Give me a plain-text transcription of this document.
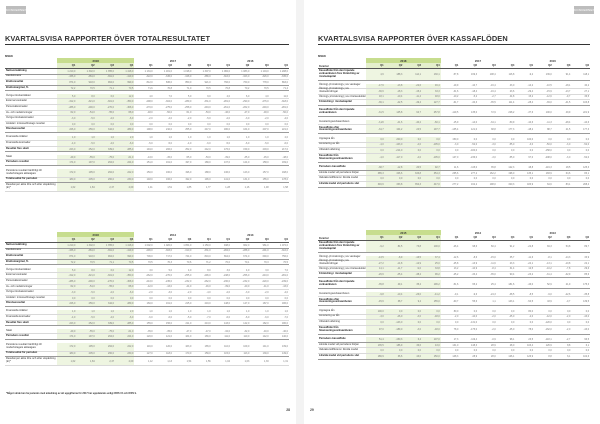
KONCERNEN
KVARTALSVISA RAPPORTER ÖVER TOTALRESULTATET
MSEK
2018	2017	2016
Q1	Q2	Q3	Q4	Q1	Q2	Q3	Q4	Q1	Q2	Q3	Q4
Nettoomsättning	1 210,0	1 302,0	1 355,0	1 418,0	1 134,0	1 181,0	1 198,0	1 307,0	1 082,0	1 083,0	1 104,0	1 208,0
Handelsvaror	-336,0	-384,0	-391,0	-419,0	-322,0	-345,0	-348,0	-386,0	-316,0	-323,0	-326,0	-345,0
Bruttoresultat	874,0	918,0	964,0	999,0	812,0	836,0	850,0	921,0	766,0	760,0	778,0	863,0
Bruttomarginal, %	72,2	70,5	71,1	70,5	71,6	70,8	71,0	70,5	70,8	70,2	70,5	71,4
Övriga rörelseintäkter	5,0	8,0	6,0	12,0	4,0	7,0	5,0	9,0	4,0	6,0	4,0	11,0
Externa kostnader	-312,0	-321,0	-301,0	-350,0	-298,0	-304,0	-289,0	-331,0	-281,0	-290,0	-276,0	-318,0
Personalkostnader	-286,0	-290,0	-270,0	-308,0	-270,0	-275,0	-258,0	-294,0	-261,0	-262,0	-249,0	-281,0
Av- och nedskrivningar	-52,0	-54,0	-55,0	-58,0	-48,0	-50,0	-51,0	-53,0	-46,0	-47,0	-48,0	-50,0
Övriga rörelsekostnader	-3,0	-5,0	-2,0	-6,0	-2,0	-4,0	-2,0	-5,0	-2,0	-3,0	-2,0	-4,0
Andelar i intresseföretags resultat	0,0	0,0	0,0	0,0	0,0	0,0	0,0	0,0	0,0	0,0	0,0	0,0
Rörelseresultat	226,0	256,0	342,0	289,0	198,0	210,0	255,0	247,0	180,0	164,0	207,0	221,0
Finansiella intäkter	1,0	1,0	1,0	2,0	1,0	1,0	1,0	1,0	1,0	1,0	1,0	2,0
Finansiella kostnader	-4,0	-5,0	-4,0	-6,0	-5,0	-5,0	-4,0	-6,0	-5,0	-6,0	-5,0	-6,0
Resultat före skatt	223,0	252,0	339,0	285,0	194,0	206,0	252,0	242,0	176,0	159,0	203,0	217,0
Skatt	-49,0	-55,0	-75,0	-61,0	-43,0	-45,0	-55,0	-53,0	-39,0	-35,0	-45,0	-48,0
Periodens resultat	174,0	197,0	264,0	224,0	151,0	161,0	197,0	189,0	137,0	124,0	158,0	169,0
Periodens resultat hänförligt till moderbolagets aktieägare	172,0	195,0	262,0	222,0	150,0	160,0	196,0	188,0	136,0	123,0	157,0	168,0
Totalresultat för perioden	180,0	205,0	260,0	230,0	148,0	166,0	192,0	196,0	141,0	131,0	155,0	178,0
Resultat per aktie före och efter utspädning (kr)*	1,62	1,84	2,47	2,09	1,41	1,51	1,85	1,77	1,28	1,16	1,48	1,58
2018	2014	2013
Q1	Q2	Q3	Q4	Q1	Q2	Q3	Q4	Q1	Q2	Q3	Q4
Nettoomsättning	1 210,0	1 302,0	1 355,0	1 418,0	1 002,0	1 020,0	1 054,0	1 150,0	948,0	962,0	981,0	1 072,0
Handelsvaror	-336,0	-384,0	-391,0	-419,0	-296,0	-303,0	-310,0	-331,0	-284,0	-288,0	-291,0	-316,0
Bruttoresultat	874,0	918,0	964,0	999,0	706,0	717,0	744,0	819,0	664,0	674,0	690,0	756,0
Bruttomarginal, %	72,2	70,5	71,1	70,5	70,5	70,3	70,6	71,2	70,0	70,1	70,3	70,5
Övriga rörelseintäkter	5,0	8,0	6,0	12,0	3,0	5,0	4,0	8,0	3,0	4,0	3,0	7,0
Externa kostnader	-312,0	-321,0	-301,0	-350,0	-262,0	-270,0	-255,0	-296,0	-248,0	-256,0	-243,0	-281,0
Personalkostnader	-286,0	-290,0	-270,0	-308,0	-243,0	-245,0	-232,0	-262,0	-230,0	-232,0	-220,0	-249,0
Av- och nedskrivningar	-52,0	-54,0	-55,0	-58,0	-42,0	-43,0	-44,0	-46,0	-39,0	-40,0	-41,0	-43,0
Övriga rörelsekostnader	-3,0	-5,0	-2,0	-6,0	-2,0	-3,0	-2,0	-4,0	-2,0	-3,0	-2,0	-4,0
Andelar i intresseföretags resultat	0,0	0,0	0,0	0,0	0,0	0,0	0,0	0,0	0,0	0,0	0,0	0,0
Rörelseresultat	226,0	256,0	342,0	289,0	160,0	161,0	215,0	219,0	148,0	147,0	187,0	186,0
Finansiella intäkter	1,0	1,0	1,0	2,0	1,0	1,0	1,0	1,0	1,0	1,0	1,0	1,0
Finansiella kostnader	-4,0	-5,0	-4,0	-6,0	-6,0	-6,0	-5,0	-7,0	-6,0	-6,0	-6,0	-7,0
Resultat före skatt	223,0	252,0	339,0	285,0	155,0	156,0	211,0	213,0	143,0	142,0	182,0	180,0
Skatt	-49,0	-55,0	-75,0	-61,0	-35,0	-35,0	-47,0	-47,0	-32,0	-32,0	-40,0	-40,0
Periodens resultat	174,0	197,0	264,0	224,0	120,0	121,0	164,0	166,0	111,0	110,0	142,0	140,0
Periodens resultat hänförligt till moderbolagets aktieägare	172,0	195,0	262,0	222,0	119,0	120,0	163,0	165,0	110,0	109,0	141,0	139,0
Totalresultat för perioden	180,0	205,0	260,0	230,0	127,0	118,0	170,0	159,0	115,0	113,0	139,0	149,0
Resultat per aktie före och efter utspädning (kr)*	1,62	1,84	2,47	2,09	1,12	1,13	1,54	1,56	1,04	1,03	1,33	1,31
*Något värde kan ha justerats med anledning av att uppgifterna för 2017 har uppdaterats enligt IFRS 15 och IFRS 9.
28
KONCERNEN
KVARTALSVISA RAPPORTER ÖVER KASSAFLÖDEN
MSEK
2018	2017	2016
Kvartal	Q1	Q2	Q3	Q4	Q1	Q2	Q3	Q4	Q1	Q2	Q3	Q4
Kassaflöde från den löpande verksamheten före förändring av rörelsekapital
4,6	188,3	114,1	130,1	-57,8	169,3	108,4	116,8	-9,2	139,0	91,4	118,1
Ökning(-)/minskning(+) av varulager	-17,6	-13,8	-22,6	46,4	-19,9	-10,7	-16,4	43,0	-14,2	-10,5	-18,1	40,2
Ökning(-)/minskning(+) av rörelsefordringar	-36,6	-18,3	-15,4	33,3	-31,6	-18,4	-16,4	23,6	-29,4	-15,9	-13,7	27,1
Ökning(+)/minskning(-) av rörelseskulder	18,1	-10,4	-11,4	48,0	-10,2	-5,2	-2,7	44,8	15,2	-12,6	-9,7	36,5
Förändring i rörelsekapital	-36,1	-42,5	-49,4	127,7	-61,7	-34,3	-35,5	111,4	-28,4	-39,0	-41,5	103,8
Kassaflöde från den löpande verksamheten	-31,5	145,8	64,7	257,8	-119,5	135,0	72,9	228,2	-37,6	100,0	49,9	221,9
Investeringsverksamheten	-3,20	-41,6	-40,2	-60,1	-15,9	-14,0	-34,1	-50,9	-10,6	-11,3	-28,4	-44,6
Kassaflöde efter investeringsverksamheten	-34,7	104,2	24,5	197,7	-135,4	121,0	38,8	177,3	-48,2	88,7	21,5	177,3
Upptagna lån	0,0	200,0	0,0	0,0	150,0	0,0	0,0	0,0	100,0	0,0	0,0	0,0
Amortering av lån	-4,0	-103,0	-4,0	-105,0	-3,0	-52,0	-3,0	-55,0	-3,0	-50,0	-3,0	-52,0
Utbetald utdelning	0,0	-214,0	0,0	0,0	0,0	-184,0	0,0	0,0	0,0	-158,0	0,0	0,0
Kassaflöde från finansieringsverksamheten	-4,0	-117,0	-4,0	-105,0	147,0	-236,0	-3,0	-55,0	97,0	-208,0	-3,0	-52,0
Periodens kassaflöde	-38,7	-12,8	20,5	92,7	11,6	-115,0	35,8	122,3	48,8	-119,3	18,5	125,3
Likvida medel vid periodens början	385,3	346,6	333,8	354,3	265,6	277,2	162,2	198,0	135,1	183,9	64,6	83,1
Valutakursdifferens i likvida medel	0,0	0,0	0,0	0,0	0,0	0,0	0,0	0,0	0,0	0,0	0,0	0,0
Likvida medel vid periodens slut	346,6	333,8	354,3	447,0	277,2	162,2	198,0	320,3	183,9	64,6	83,1	208,4
2015	2014	2013
Kvartal	Q1	Q2	Q3	Q4	Q1	Q2	Q3	Q4	Q1	Q2	Q3	Q4
Kassaflöde från den löpande verksamheten före förändring av rörelsekapital
-9,2	84,5	73,8	100,0	-26,4	98,6	60,4	91,2	-22,8	84,3	54,8	89,7
Ökning(-)/minskning(+) av varulager	-13,5	-8,9	-16,5	37,4	-12,6	-8,6	-15,0	35,7	-11,6	-8,1	-14,3	33,9
Ökning(-)/minskning(+) av rörelsefordringar	-27,2	-14,8	-12,9	25,0	-25,8	-13,9	-11,6	23,3	-24,1	-13,1	-10,8	22,1
Ökning(+)/minskning(-) av rörelseskulder	14,1	-11,7	-9,0	33,8	13,2	-10,9	-8,4	31,4	12,5	-10,2	-7,8	29,6
Förändring i rörelsekapital	-26,6	-35,4	-38,4	96,2	-25,2	-33,4	-35,0	90,4	-23,2	-31,4	-32,9	85,6
Kassaflöde från den löpande verksamheten	-35,8	49,1	35,4	196,2	-51,6	65,2	25,4	181,6	-46,0	52,9	21,9	175,3
Investeringsverksamheten	-9,8	-10,4	-26,0	-41,2	-9,1	-9,6	-24,3	-38,5	-8,5	-9,0	-22,6	-35,8
Kassaflöde efter investeringsverksamheten	-45,6	38,7	9,4	155,0	-60,7	55,6	1,1	143,1	-54,5	43,9	-0,7	139,5
Upptagna lån	100,0	0,0	0,0	0,0	80,0	0,0	0,0	0,0	80,0	0,0	0,0	0,0
Amortering av lån	-3,0	-46,0	-3,0	-48,0	-2,0	-44,0	-2,0	-45,0	-2,0	-42,0	-2,0	-43,0
Utbetald utdelning	0,0	-143,0	0,0	0,0	0,0	-131,0	0,0	0,0	0,0	-120,0	0,0	0,0
Kassaflöde från finansieringsverksamheten	97,0	-189,0	-3,0	-48,0	78,0	-175,0	-2,0	-45,0	78,0	-162,0	-2,0	-43,0
Periodens kassaflöde	51,4	-150,3	6,4	107,0	17,3	-119,4	-0,9	98,1	23,5	-118,1	-2,7	96,5
Likvida medel vid periodens början	135,5	186,9	36,6	43,0	131,0	148,3	28,9	28,0	103,4	126,9	8,8	6,1
Valutakursdifferens i likvida medel	0,0	0,0	0,0	0,0	0,0	0,0	0,0	0,0	0,0	0,0	0,0	0,0
Likvida medel vid periodens slut	186,9	36,6	43,0	150,0	148,3	28,9	28,0	126,1	126,9	8,8	6,1	102,6
29
